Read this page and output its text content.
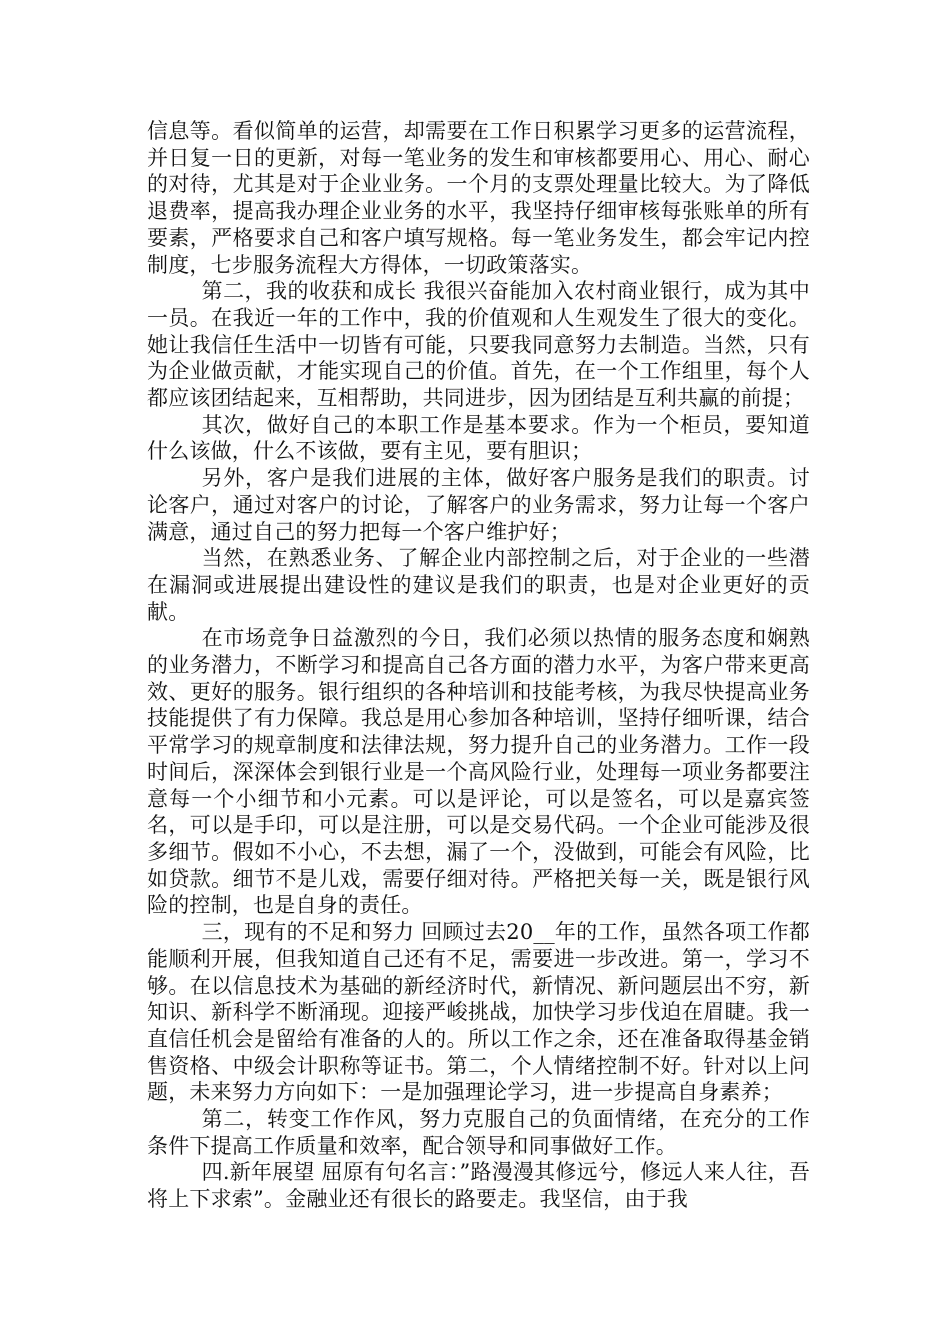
信息等。看似简单的运营，却需要在工作日积累学习更多的运营流程，并日复一日的更新，对每一笔业务的发生和审核都要用心、用心、耐心的对待，尤其是对于企业业务。一个月的支票处理量比较大。为了降低退费率，提高我办理企业业务的水平，我坚持仔细审核每张账单的所有要素，严格要求自己和客户填写规格。每一笔业务发生，都会牢记内控制度，七步服务流程大方得体，一切政策落实。

第二，我的收获和成长 我很兴奋能加入农村商业银行，成为其中一员。在我近一年的工作中，我的价值观和人生观发生了很大的变化。她让我信任生活中一切皆有可能，只要我同意努力去制造。当然，只有为企业做贡献，才能实现自己的价值。首先，在一个工作组里，每个人都应该团结起来，互相帮助，共同进步，因为团结是互利共赢的前提；

其次，做好自己的本职工作是基本要求。作为一个柜员，要知道什么该做，什么不该做，要有主见，要有胆识；

另外，客户是我们进展的主体，做好客户服务是我们的职责。讨论客户，通过对客户的讨论，了解客户的业务需求，努力让每一个客户满意，通过自己的努力把每一个客户维护好；

当然，在熟悉业务、了解企业内部控制之后，对于企业的一些潜在漏洞或进展提出建设性的建议是我们的职责，也是对企业更好的贡献。

在市场竞争日益激烈的今日，我们必须以热情的服务态度和娴熟的业务潜力，不断学习和提高自己各方面的潜力水平，为客户带来更高效、更好的服务。银行组织的各种培训和技能考核，为我尽快提高业务技能提供了有力保障。我总是用心参加各种培训，坚持仔细听课，结合平常学习的规章制度和法律法规，努力提升自己的业务潜力。工作一段时间后，深深体会到银行业是一个高风险行业，处理每一项业务都要注意每一个小细节和小元素。可以是评论，可以是签名，可以是嘉宾签名，可以是手印，可以是注册，可以是交易代码。一个企业可能涉及很多细节。假如不小心，不去想，漏了一个，没做到，可能会有风险，比如贷款。细节不是儿戏，需要仔细对待。严格把关每一关，既是银行风险的控制，也是自身的责任。

三，现有的不足和努力 回顾过去20__年的工作，虽然各项工作都能顺利开展，但我知道自己还有不足，需要进一步改进。第一，学习不够。在以信息技术为基础的新经济时代，新情况、新问题层出不穷，新知识、新科学不断涌现。迎接严峻挑战，加快学习步伐迫在眉睫。我一直信任机会是留给有准备的人的。所以工作之余，还在准备取得基金销售资格、中级会计职称等证书。第二，个人情绪控制不好。针对以上问题，未来努力方向如下：一是加强理论学习，进一步提高自身素养；

第二，转变工作作风，努力克服自己的负面情绪，在充分的工作条件下提高工作质量和效率，配合领导和同事做好工作。

四.新年展望 屈原有句名言：”路漫漫其修远兮，修远人来人往，吾将上下求索”。金融业还有很长的路要走。我坚信，由于我
